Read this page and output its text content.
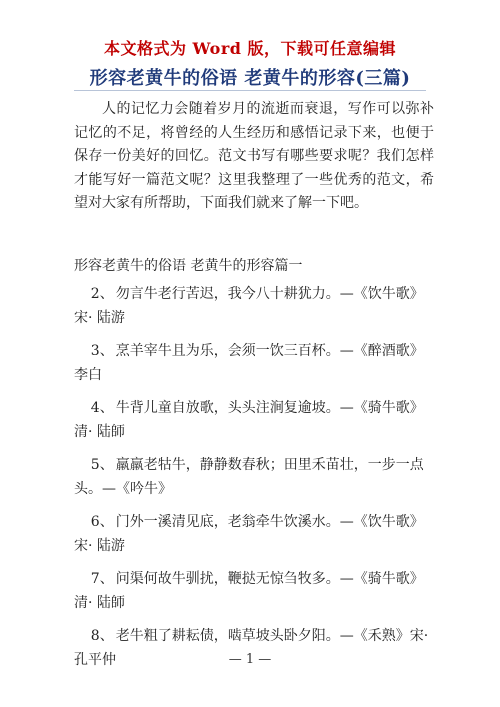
本文格式为 Word 版，下载可任意编辑
形容老黄牛的俗语 老黄牛的形容(三篇)

人的记忆力会随着岁月的流逝而衰退，写作可以弥补记忆的不足，将曾经的人生经历和感悟记录下来，也便于保存一份美好的回忆。范文书写有哪些要求呢？我们怎样才能写好一篇范文呢？这里我整理了一些优秀的范文，希望对大家有所帮助，下面我们就来了解一下吧。

形容老黄牛的俗语 老黄牛的形容篇一

2、 勿言牛老行苦迟，我今八十耕犹力。—《饮牛歌》宋· 陆游

3、 烹羊宰牛且为乐，会须一饮三百杯。—《醉酒歌》李白

4、 牛背儿童自放歌，头头注涧复逾坡。—《骑牛歌》清· 陆師

5、 羸羸老牯牛，静静数春秋；田里禾苗壮，一步一点头。—《吟牛》

6、 门外一溪清见底，老翁牵牛饮溪水。—《饮牛歌》宋· 陆游

7、 问渠何故牛驯扰，鞭挞无惊刍牧多。—《骑牛歌》清· 陆師

8、 老牛粗了耕耘债，啮草坡头卧夕阳。—《禾熟》宋· 孔平仲	— 1 —
